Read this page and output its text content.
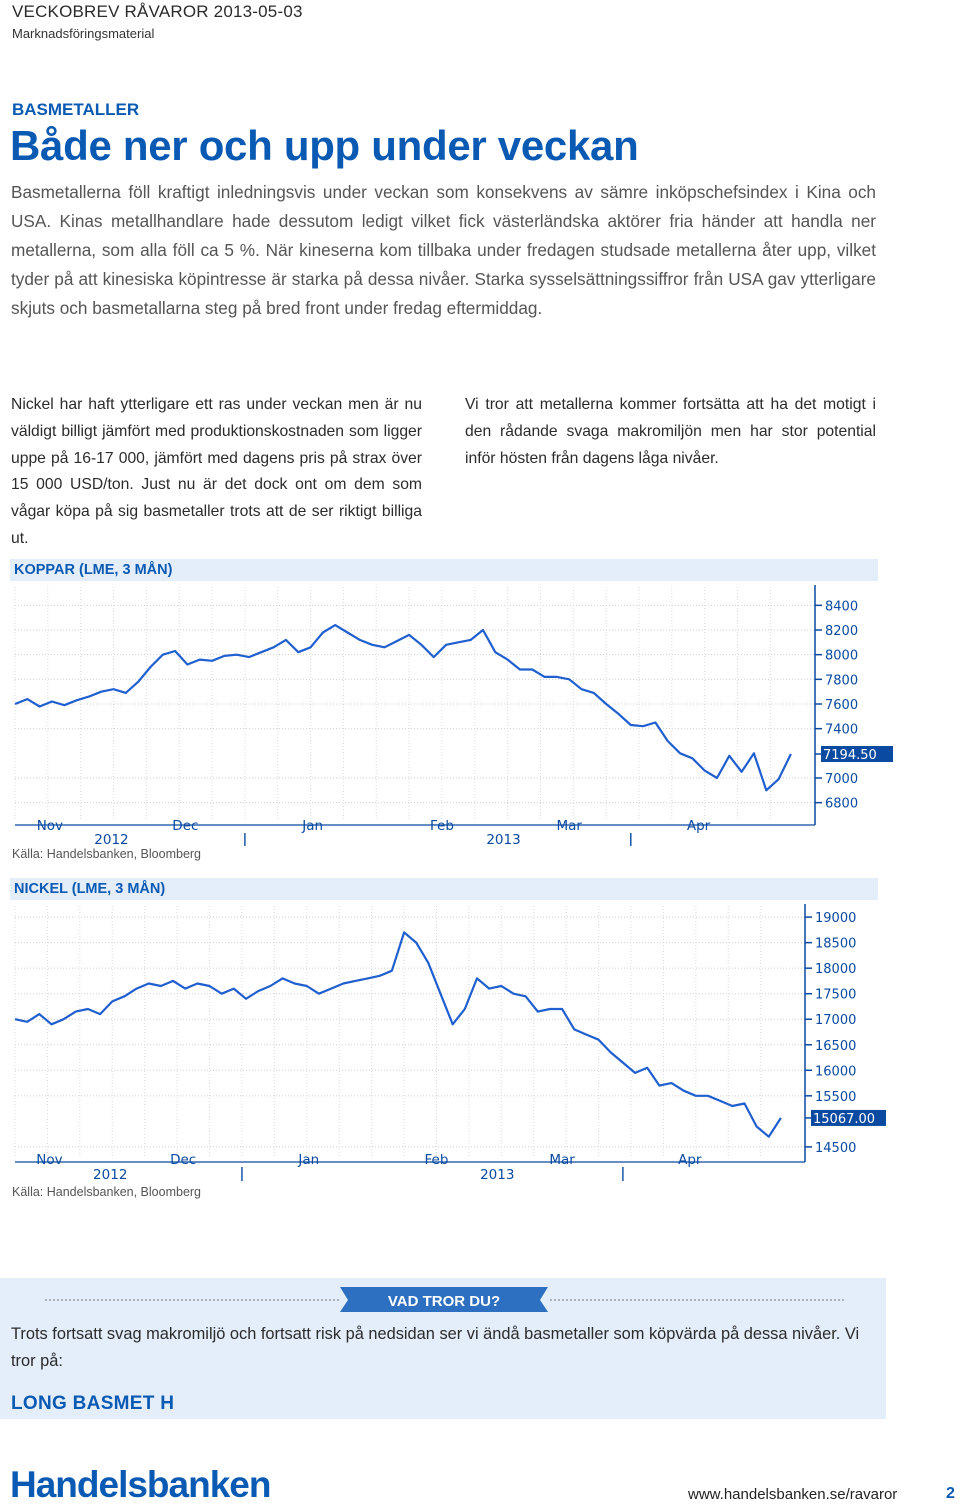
VECKOBREV RÅVAROR 2013-05-03
Marknadsföringsmaterial
BASMETALLER
Både ner och upp under veckan
Basmetallerna föll kraftigt inledningsvis under veckan som konsekvens av sämre inköpschefsindex i Kina och USA. Kinas metallhandlare hade dessutom ledigt vilket fick västerländska aktörer fria händer att handla ner metallerna, som alla föll ca 5 %. När kineserna kom tillbaka under fredagen studsade metallerna åter upp, vilket tyder på att kinesiska köpintresse är starka på dessa nivåer. Starka sysselsättningssiffror från USA gav ytterligare skjuts och basmetallarna steg på bred front under fredag eftermiddag.
Nickel har haft ytterligare ett ras under veckan men är nu väldigt billigt jämfört med produktionskostnaden som ligger uppe på 16-17 000, jämfört med dagens pris på strax över 15 000 USD/ton. Just nu är det dock ont om dem som vågar köpa på sig basmetaller trots att de ser riktigt billiga ut.
Vi tror att metallerna kommer fortsätta att ha det motigt i den rådande svaga makromiljön men har stor potential inför hösten från dagens låga nivåer.
KOPPAR (LME, 3 MÅN)
8400
8200
8000
7800
7600
7400
7000
6800
7194.50
Nov	Dec	Jan	Feb	Mar	Apr
2012	2013
Källa: Handelsbanken, Bloomberg
NICKEL (LME, 3 MÅN)
19000
18500
18000
17500
17000
16500
16000
15500
14500
15067.00
Nov	Dec	Jan	Feb	Mar	Apr
2012	2013
Källa: Handelsbanken, Bloomberg
VAD TROR DU?
Trots fortsatt svag makromiljö och fortsatt risk på nedsidan ser vi ändå basmetaller som köpvärda på dessa nivåer. Vi tror på:
LONG BASMET H
Handelsbanken	www.handelsbanken.se/ravaror	2
